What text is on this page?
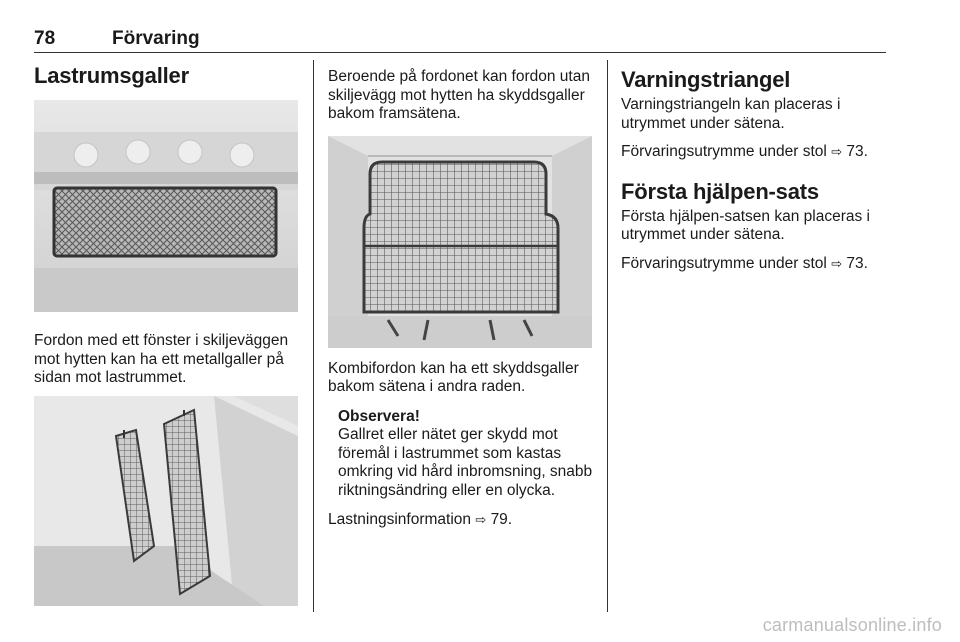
78	Förvaring
Lastrumsgaller

Fordon med ett fönster i skiljeväggen mot hytten kan ha ett metallgaller på sidan mot lastrummet.

Beroende på fordonet kan fordon utan skiljevägg mot hytten ha skyddsgaller bakom framsätena.

Kombifordon kan ha ett skyddsgaller bakom sätena i andra raden.

Observera!

Gallret eller nätet ger skydd mot föremål i lastrummet som kastas omkring vid hård inbromsning, snabb riktningsändring eller en olycka.

Lastningsinformation ⇨ 79.

Varningstriangel

Varningstriangeln kan placeras i utrymmet under sätena.

Förvaringsutrymme under stol ⇨ 73.

Första hjälpen-sats

Första hjälpen-satsen kan placeras i utrymmet under sätena.

Förvaringsutrymme under stol ⇨ 73.

carmanualsonline.info
